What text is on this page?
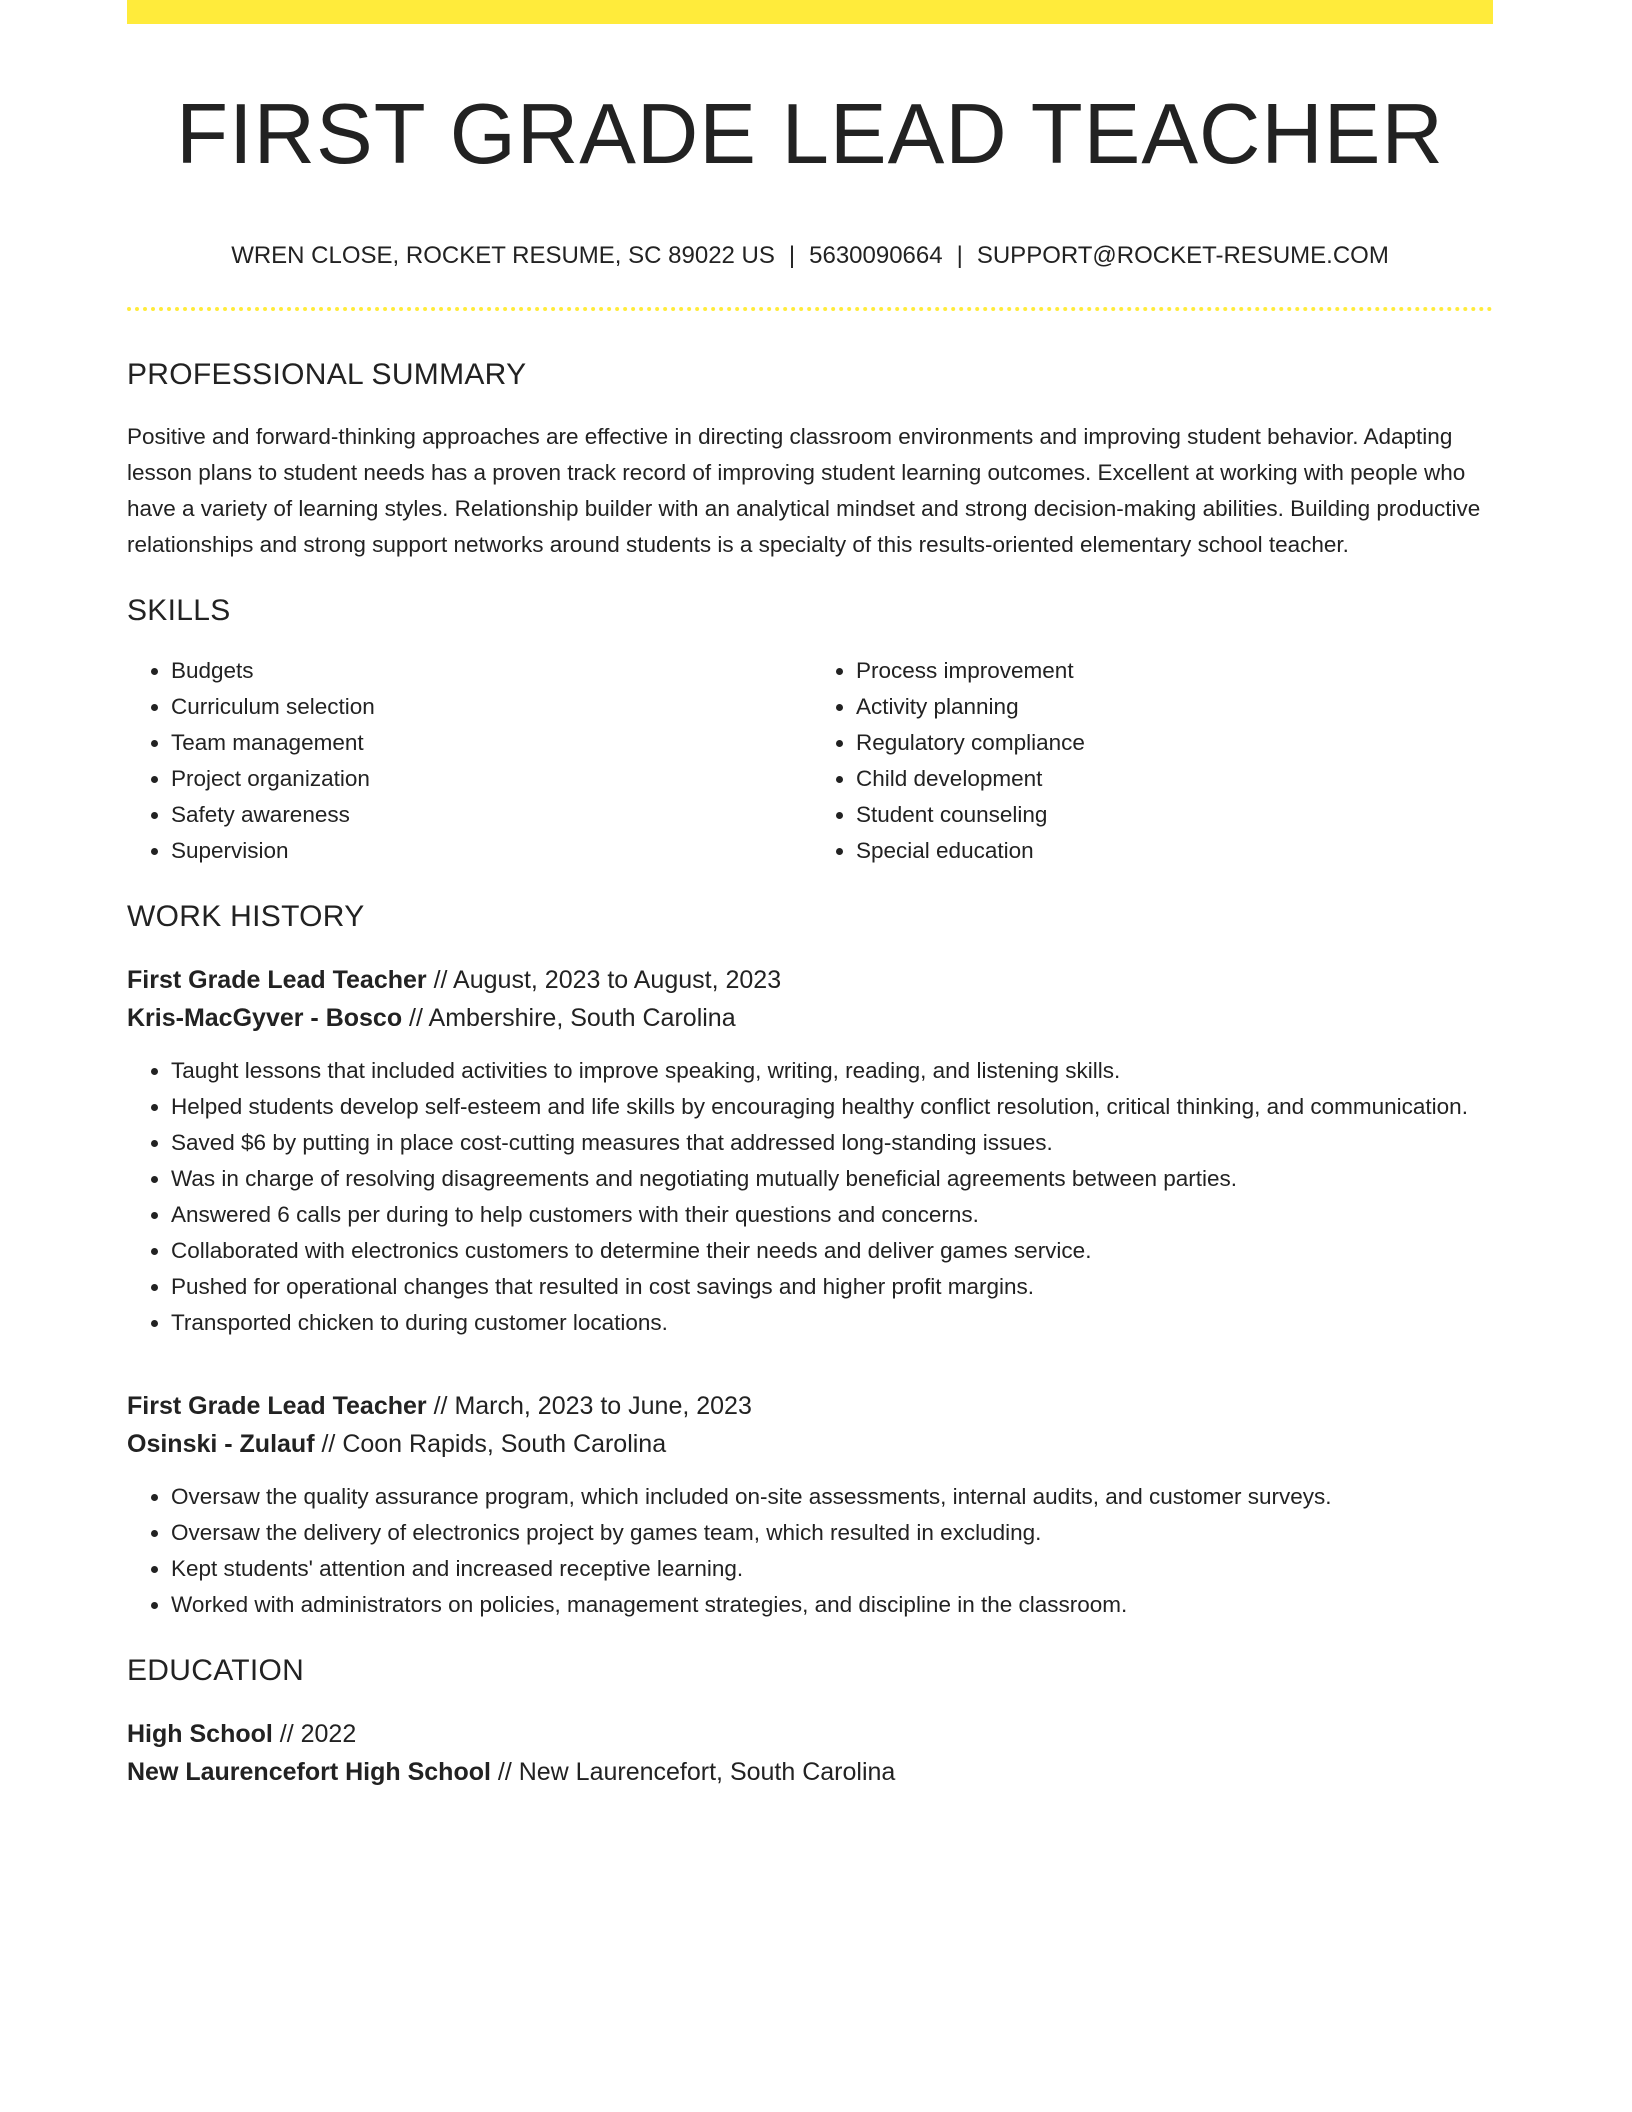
FIRST GRADE LEAD TEACHER
WREN CLOSE, ROCKET RESUME, SC 89022 US | 5630090664 | SUPPORT@ROCKET-RESUME.COM
PROFESSIONAL SUMMARY

Positive and forward-thinking approaches are effective in directing classroom environments and improving student behavior. Adapting lesson plans to student needs has a proven track record of improving student learning outcomes. Excellent at working with people who have a variety of learning styles. Relationship builder with an analytical mindset and strong decision-making abilities. Building productive relationships and strong support networks around students is a specialty of this results-oriented elementary school teacher.

SKILLS
• Budgets
• Curriculum selection
• Team management
• Project organization
• Safety awareness
• Supervision
• Process improvement
• Activity planning
• Regulatory compliance
• Child development
• Student counseling
• Special education
WORK HISTORY
First Grade Lead Teacher // August, 2023 to August, 2023
Kris-MacGyver - Bosco // Ambershire, South Carolina
• Taught lessons that included activities to improve speaking, writing, reading, and listening skills.
• Helped students develop self-esteem and life skills by encouraging healthy conflict resolution, critical thinking, and communication.
• Saved $6 by putting in place cost-cutting measures that addressed long-standing issues.
• Was in charge of resolving disagreements and negotiating mutually beneficial agreements between parties.
• Answered 6 calls per during to help customers with their questions and concerns.
• Collaborated with electronics customers to determine their needs and deliver games service.
• Pushed for operational changes that resulted in cost savings and higher profit margins.
• Transported chicken to during customer locations.
First Grade Lead Teacher // March, 2023 to June, 2023
Osinski - Zulauf // Coon Rapids, South Carolina
• Oversaw the quality assurance program, which included on-site assessments, internal audits, and customer surveys.
• Oversaw the delivery of electronics project by games team, which resulted in excluding.
• Kept students' attention and increased receptive learning.
• Worked with administrators on policies, management strategies, and discipline in the classroom.
EDUCATION
High School // 2022
New Laurencefort High School // New Laurencefort, South Carolina
